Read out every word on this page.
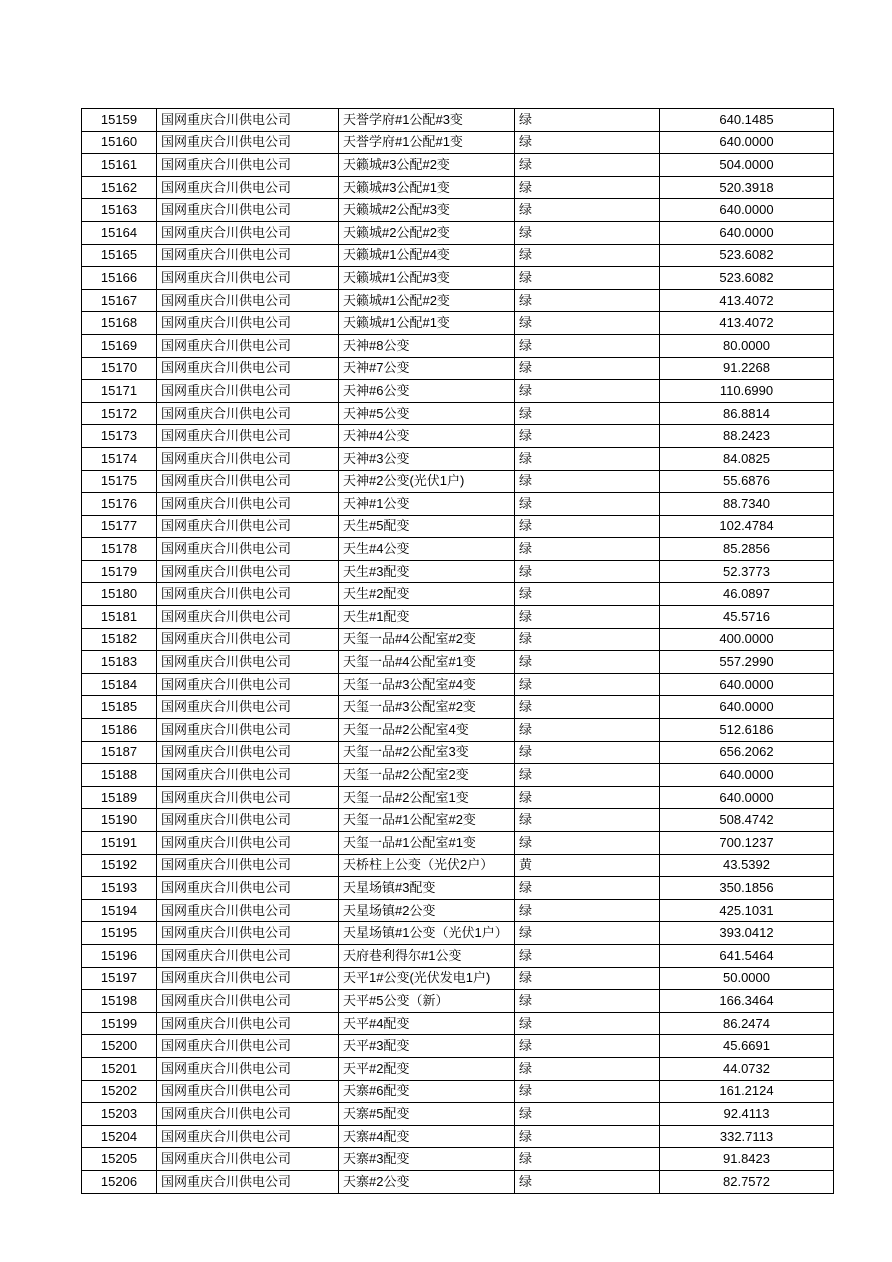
15159	国网重庆合川供电公司	天誉学府#1公配#3变	绿	640.1485
15160	国网重庆合川供电公司	天誉学府#1公配#1变	绿	640.0000
15161	国网重庆合川供电公司	天籁城#3公配#2变	绿	504.0000
15162	国网重庆合川供电公司	天籁城#3公配#1变	绿	520.3918
15163	国网重庆合川供电公司	天籁城#2公配#3变	绿	640.0000
15164	国网重庆合川供电公司	天籁城#2公配#2变	绿	640.0000
15165	国网重庆合川供电公司	天籁城#1公配#4变	绿	523.6082
15166	国网重庆合川供电公司	天籁城#1公配#3变	绿	523.6082
15167	国网重庆合川供电公司	天籁城#1公配#2变	绿	413.4072
15168	国网重庆合川供电公司	天籁城#1公配#1变	绿	413.4072
15169	国网重庆合川供电公司	天神#8公变	绿	80.0000
15170	国网重庆合川供电公司	天神#7公变	绿	91.2268
15171	国网重庆合川供电公司	天神#6公变	绿	110.6990
15172	国网重庆合川供电公司	天神#5公变	绿	86.8814
15173	国网重庆合川供电公司	天神#4公变	绿	88.2423
15174	国网重庆合川供电公司	天神#3公变	绿	84.0825
15175	国网重庆合川供电公司	天神#2公变(光伏1户)	绿	55.6876
15176	国网重庆合川供电公司	天神#1公变	绿	88.7340
15177	国网重庆合川供电公司	天生#5配变	绿	102.4784
15178	国网重庆合川供电公司	天生#4公变	绿	85.2856
15179	国网重庆合川供电公司	天生#3配变	绿	52.3773
15180	国网重庆合川供电公司	天生#2配变	绿	46.0897
15181	国网重庆合川供电公司	天生#1配变	绿	45.5716
15182	国网重庆合川供电公司	天玺一品#4公配室#2变	绿	400.0000
15183	国网重庆合川供电公司	天玺一品#4公配室#1变	绿	557.2990
15184	国网重庆合川供电公司	天玺一品#3公配室#4变	绿	640.0000
15185	国网重庆合川供电公司	天玺一品#3公配室#2变	绿	640.0000
15186	国网重庆合川供电公司	天玺一品#2公配室4变	绿	512.6186
15187	国网重庆合川供电公司	天玺一品#2公配室3变	绿	656.2062
15188	国网重庆合川供电公司	天玺一品#2公配室2变	绿	640.0000
15189	国网重庆合川供电公司	天玺一品#2公配室1变	绿	640.0000
15190	国网重庆合川供电公司	天玺一品#1公配室#2变	绿	508.4742
15191	国网重庆合川供电公司	天玺一品#1公配室#1变	绿	700.1237
15192	国网重庆合川供电公司	天桥柱上公变（光伏2户）	黄	43.5392
15193	国网重庆合川供电公司	天星场镇#3配变	绿	350.1856
15194	国网重庆合川供电公司	天星场镇#2公变	绿	425.1031
15195	国网重庆合川供电公司	天星场镇#1公变（光伏1户）	绿	393.0412
15196	国网重庆合川供电公司	天府巷利得尔#1公变	绿	641.5464
15197	国网重庆合川供电公司	天平1#公变(光伏发电1户)	绿	50.0000
15198	国网重庆合川供电公司	天平#5公变（新）	绿	166.3464
15199	国网重庆合川供电公司	天平#4配变	绿	86.2474
15200	国网重庆合川供电公司	天平#3配变	绿	45.6691
15201	国网重庆合川供电公司	天平#2配变	绿	44.0732
15202	国网重庆合川供电公司	天寨#6配变	绿	161.2124
15203	国网重庆合川供电公司	天寨#5配变	绿	92.4113
15204	国网重庆合川供电公司	天寨#4配变	绿	332.7113
15205	国网重庆合川供电公司	天寨#3配变	绿	91.8423
15206	国网重庆合川供电公司	天寨#2公变	绿	82.7572
